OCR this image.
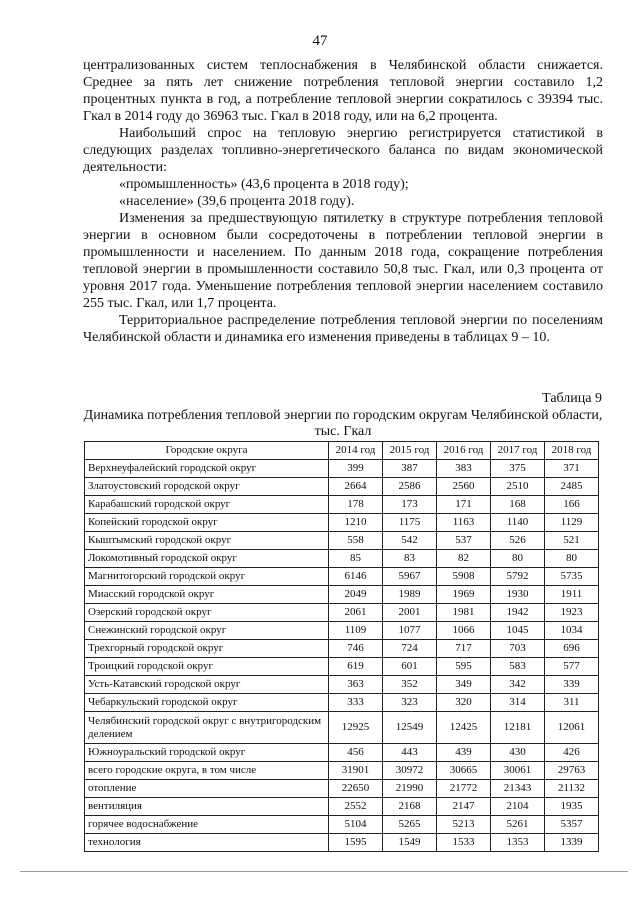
47

централизованных систем теплоснабжения в Челябинской области снижается. Среднее за пять лет снижение потребления тепловой энергии составило 1,2 процентных пункта в год, а потребление тепловой энергии сократилось с 39394 тыс. Гкал в 2014 году до 36963 тыс. Гкал в 2018 году, или на 6,2 процента.

Наибольший спрос на тепловую энергию регистрируется статистикой в следующих разделах топливно-энергетического баланса по видам экономической деятельности:

«промышленность» (43,6 процента в 2018 году);

«население» (39,6 процента 2018 году).

Изменения за предшествующую пятилетку в структуре потребления тепловой энергии в основном были сосредоточены в потреблении тепловой энергии в промышленности и населением. По данным 2018 года, сокращение потребления тепловой энергии в промышленности составило 50,8 тыс. Гкал, или 0,3 процента от уровня 2017 года. Уменьшение потребления тепловой энергии населением составило 255 тыс. Гкал, или 1,7 процента.

Территориальное распределение потребления тепловой энергии по поселениям Челябинской области и динамика его изменения приведены в таблицах 9 – 10.

Таблица 9
Динамика потребления тепловой энергии по городским округам Челябинской области, тыс. Гкал
Городские округа	2014 год	2015 год	2016 год	2017 год	2018 год
Верхнеуфалейский городской округ	399	387	383	375	371
Златоустовский городской округ	2664	2586	2560	2510	2485
Карабашский городской округ	178	173	171	168	166
Копейский городской округ	1210	1175	1163	1140	1129
Кыштымский городской округ	558	542	537	526	521
Локомотивный городской округ	85	83	82	80	80
Магнитогорский городской округ	6146	5967	5908	5792	5735
Миасский городской округ	2049	1989	1969	1930	1911
Озерский городской округ	2061	2001	1981	1942	1923
Снежинский городской округ	1109	1077	1066	1045	1034
Трехгорный городской округ	746	724	717	703	696
Троицкий городской округ	619	601	595	583	577
Усть-Катавский городской округ	363	352	349	342	339
Чебаркульский городской округ	333	323	320	314	311
Челябинский городской округ с внутригородским делением	12925	12549	12425	12181	12061
Южноуральский городской округ	456	443	439	430	426
всего городские округа, в том числе	31901	30972	30665	30061	29763
отопление	22650	21990	21772	21343	21132
вентиляция	2552	2168	2147	2104	1935
горячее водоснабжение	5104	5265	5213	5261	5357
технология	1595	1549	1533	1353	1339
